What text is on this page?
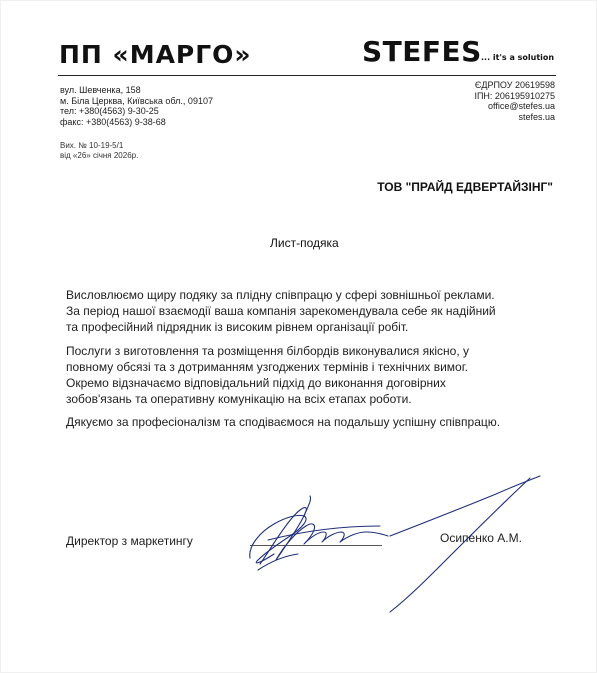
ПП «МАРГО»	STEFES ... it's a solution
вул. Шевченка, 158
м. Біла Церква, Київська обл., 09107
тел: +380(4563) 9-30-25
факс: +380(4563) 9-38-68
ЄДРПОУ 20619598
ІПН: 206195910275
office@stefes.ua
stefes.ua
Вих. № 10-19-5/1
від «26» січня 2026р.
ТОВ "ПРАЙД ЕДВЕРТАЙЗІНГ"
Лист-подяка
Висловлюємо щиру подяку за плідну співпрацю у сфері зовнішньої реклами.
За період нашої взаємодії ваша компанія зарекомендувала себе як надійний
та професійний підрядник із високим рівнем організації робіт.
Послуги з виготовлення та розміщення білбордів виконувалися якісно, у
повному обсязі та з дотриманням узгоджених термінів і технічних вимог.
Окремо відзначаємо відповідальний підхід до виконання договірних
зобов'язань та оперативну комунікацію на всіх етапах роботи.
Дякуємо за професіоналізм та сподіваємося на подальшу успішну співпрацю.
Директор з маркетингу	Осипенко А.М.
